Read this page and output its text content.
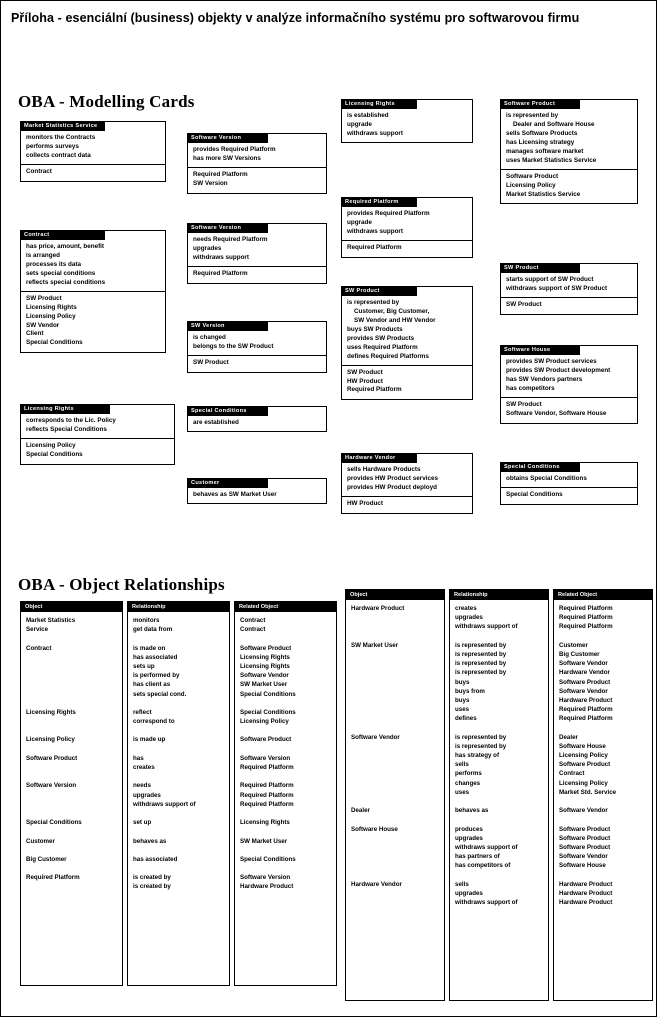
Příloha - esenciální (business) objekty v analýze informačního systému pro softwarovou firmu
OBA - Modelling Cards
Market Statistics Service
monitors the Contracts
performs surveys
collects contract data
Contract
Contract
has price, amount, benefit
is arranged
processes its data
sets special conditions
reflects special conditions
SW Product
Licensing Rights
Licensing Policy
SW Vendor
Client
Special Conditions
Licensing Rights
corresponds to the Lic. Policy
reflects Special Conditions
Licensing Policy
Special Conditions
Software Version
provides Required Platform
has more SW Versions
Required Platform
SW Version
Software Version
needs Required Platform
upgrades
withdraws support
Required Platform
SW Version
is changed
belongs to the SW Product
SW Product
Special Conditions
are established
Customer
behaves as SW Market User
Licensing Rights
is established
upgrade
withdraws support
Required Platform
provides Required Platform
upgrade
withdraws support
Required Platform
SW Product
is represented by
Customer, Big Customer,
SW Vendor and HW Vendor
buys SW Products
provides SW Products
uses Required Platform
defines Required Platforms
SW Product
HW Product
Required Platform
Hardware Vendor
sells Hardware Products
provides HW Product services
provides HW Product deployd
HW Product
Software Product
is represented by
Dealer and Software House
sells Software Products
has Licensing strategy
manages software market
uses Market Statistics Service
Software Product
Licensing Policy
Market Statistics Service
SW Product
starts support of SW Product
withdraws support of SW Product
SW Product
Software House
provides SW Product services
provides SW Product development
has SW Vendors partners
has competitors
SW Product
Software Vendor, Software House
Special Conditions
obtains Special Conditions
Special Conditions
OBA - Object Relationships
Object
Market Statistics
Service
Contract
Licensing Rights
Licensing Policy
Software Product
Software Version
Special Conditions
Customer
Big Customer
Required Platform
Relationship
monitors
get data from
is made on
has associated
sets up
is performed by
has client as
sets special cond.
reflect
correspond to
is made up
has
creates
needs
upgrades
withdraws support of
set up
behaves as
has associated
is created by
is created by
Related Object
Contract
Contract
Software Product
Licensing Rights
Licensing Rights
Software Vendor
SW Market User
Special Conditions
Special Conditions
Licensing Policy
Software Product
Software Version
Required Platform
Required Platform
Required Platform
Required Platform
Licensing Rights
SW Market User
Special Conditions
Software Version
Hardware Product
Object
Hardware Product
SW Market User
Software Vendor
Dealer
Software House
Hardware Vendor
Relationship
creates
upgrades
withdraws support of
is represented by
is represented by
is represented by
is represented by
buys
buys from
buys
uses
defines
is represented by
is represented by
has strategy of
sells
performs
changes
uses
behaves as
produces
upgrades
withdraws support of
has partners of
has competitors of
sells
upgrades
withdraws support of
Related Object
Required Platform
Required Platform
Required Platform
Customer
Big Customer
Software Vendor
Hardware Vendor
Software Product
Software Vendor
Hardware Product
Required Platform
Required Platform
Dealer
Software House
Licensing Policy
Software Product
Contract
Licensing Policy
Market Std. Service
Software Vendor
Software Product
Software Product
Software Product
Software Vendor
Software House
Hardware Product
Hardware Product
Hardware Product
